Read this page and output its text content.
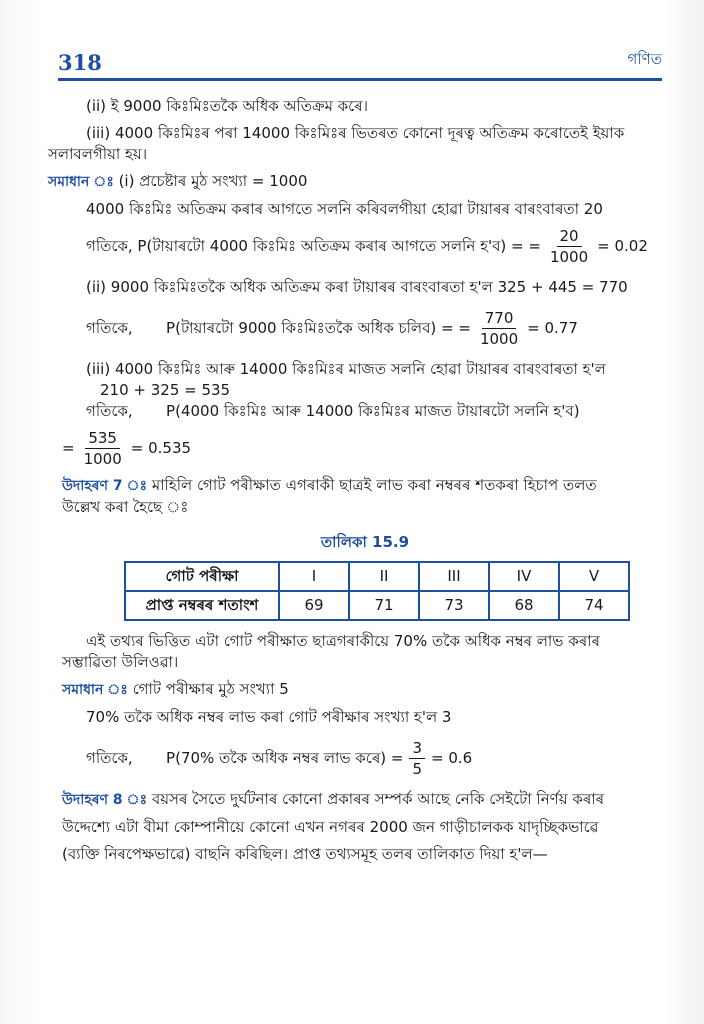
318	গণিত
(ii) ই 9000 কিঃমিঃতকৈ অধিক অতিক্ৰম কৰে।
(iii) 4000 কিঃমিঃৰ পৰা 14000 কিঃমিঃৰ ভিতৰত কোনো দূৰত্ব অতিক্ৰম কৰোতেই ইয়াক
সলাবলগীয়া হয়।
সমাধান ঃ (i) প্ৰচেষ্টাৰ মুঠ সংখ্যা = 1000
4000 কিঃমিঃ অতিক্ৰম কৰাৰ আগতে সলনি কৰিবলগীয়া হোৱা টায়াৰৰ বাৰংবাৰতা 20
গতিকে, P(টায়াৰটো 4000 কিঃমিঃ অতিক্ৰম কৰাৰ আগতে সলনি হ'ব) = = $\frac{20}{1000} = 0.02$
(ii) 9000 কিঃমিঃতকৈ অধিক অতিক্ৰম কৰা টায়াৰৰ বাৰংবাৰতা হ'ল 325 + 445 = 770
গতিকে,       P(টায়াৰটো 9000 কিঃমিঃতকৈ অধিক চলিব) = = $\frac{770}{1000} = 0.77$
(iii) 4000 কিঃমিঃ আৰু 14000 কিঃমিঃৰ মাজত সলনি হোৱা টায়াৰৰ বাৰংবাৰতা হ'ল
210 + 325 = 535
গতিকে,       P(4000 কিঃমিঃ আৰু 14000 কিঃমিঃৰ মাজত টায়াৰটো সলনি হ'ব)
= $\frac{535}{1000} = 0.535$
উদাহৰণ 7 ঃ মাহিলি গোট পৰীক্ষাত এগৰাকী ছাত্ৰই লাভ কৰা নম্বৰৰ শতকৰা হিচাপ তলত
উল্লেখ কৰা হৈছে ঃ
তালিকা 15.9
গোট পৰীক্ষা	I	II	III	IV	V
প্ৰাপ্ত নম্বৰৰ শতাংশ	69	71	73	68	74
এই তথ্যৰ ভিত্তিত এটা গোট পৰীক্ষাত ছাত্ৰগৰাকীয়ে 70% তকৈ অধিক নম্বৰ লাভ কৰাৰ
সম্ভাৱিতা উলিওৱা।
সমাধান ঃ গোট পৰীক্ষাৰ মুঠ সংখ্যা 5
70% তকৈ অধিক নম্বৰ লাভ কৰা গোট পৰীক্ষাৰ সংখ্যা হ'ল 3
গতিকে,       P(70% তকৈ অধিক নম্বৰ লাভ কৰে) = $\frac{3}{5} = 0.6$
উদাহৰণ 8 ঃ বয়সৰ সৈতে দুৰ্ঘটনাৰ কোনো প্ৰকাৰৰ সম্পৰ্ক আছে নেকি সেইটো নিৰ্ণয় কৰাৰ
উদ্দেশ্যে এটা বীমা কোম্পানীয়ে কোনো এখন নগৰৰ 2000 জন গাড়ীচালকক যাদৃচ্ছিকভাৱে
(ব্যক্তি নিৰপেক্ষভাৱে) বাছনি কৰিছিল। প্ৰাপ্ত তথ্যসমূহ তলৰ তালিকাত দিয়া হ'ল—
